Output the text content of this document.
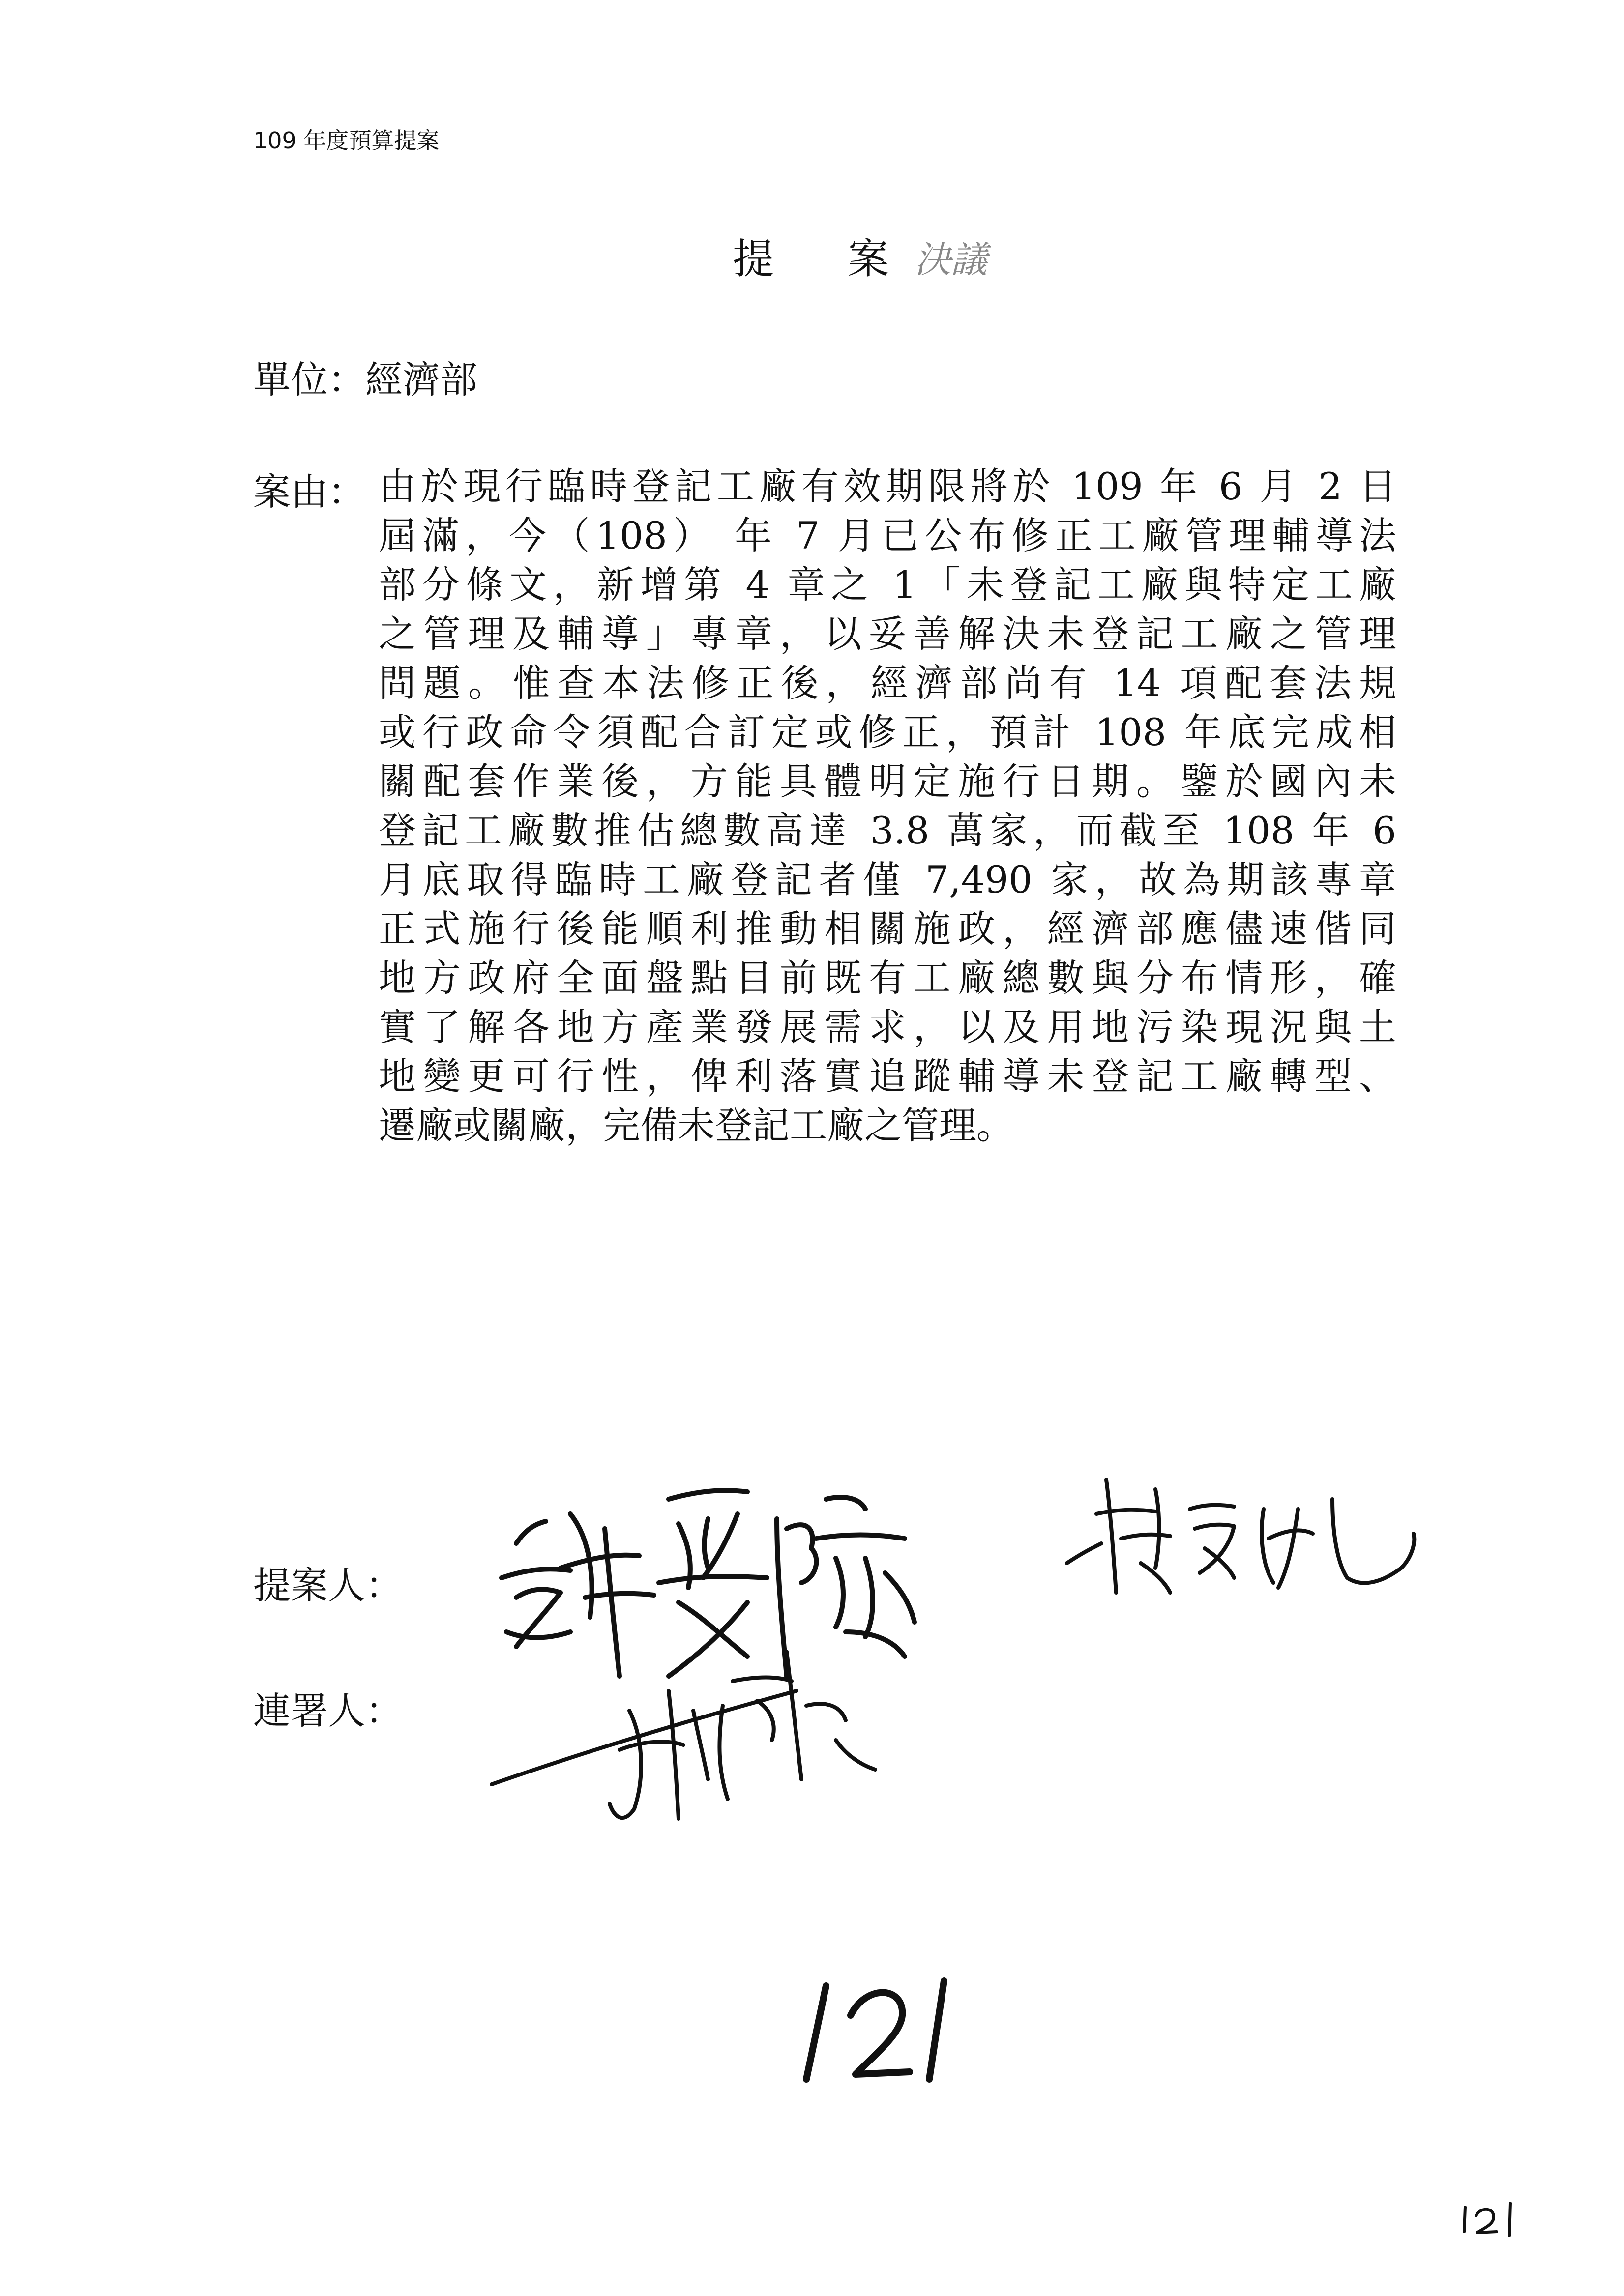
109 年度預算提案
提 案 決議
單位：經濟部
案由： 由於現行臨時登記工廠有效期限將於 109 年 6 月 2 日
屆滿，今（108） 年 7 月已公布修正工廠管理輔導法
部分條文，新增第 4 章之 1「未登記工廠與特定工廠
之管理及輔導」專章，以妥善解決未登記工廠之管理
問題。惟查本法修正後，經濟部尚有 14 項配套法規
或行政命令須配合訂定或修正，預計 108 年底完成相
關配套作業後，方能具體明定施行日期。鑒於國內未
登記工廠數推估總數高達 3.8 萬家，而截至 108 年 6
月底取得臨時工廠登記者僅 7,490 家，故為期該專章
正式施行後能順利推動相關施政，經濟部應儘速偕同
地方政府全面盤點目前既有工廠總數與分布情形，確
實了解各地方產業發展需求，以及用地污染現況與土
地變更可行性，俾利落實追蹤輔導未登記工廠轉型、
遷廠或關廠，完備未登記工廠之管理。
提案人：
連署人：
